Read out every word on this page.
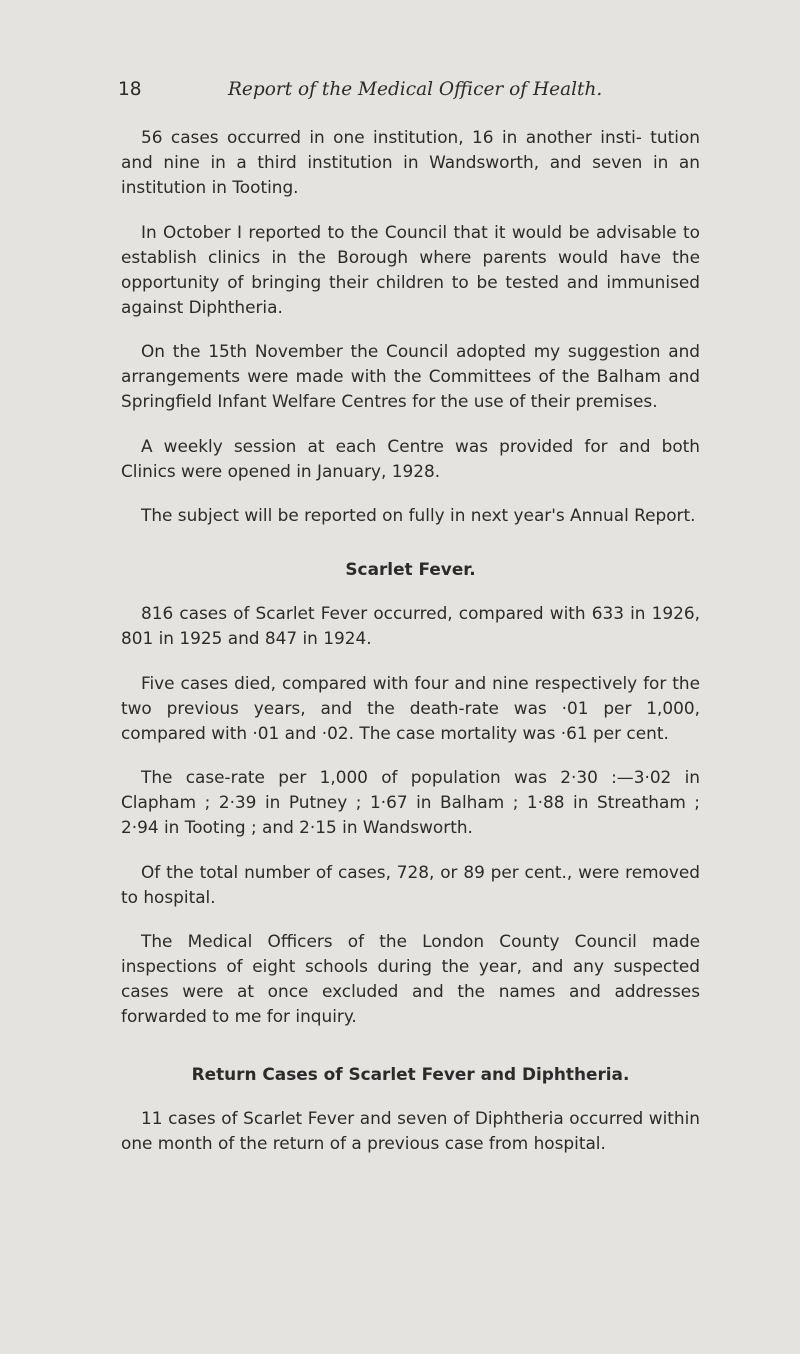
18	Report of the Medical Officer of Health.

56 cases occurred in one institution, 16 in another insti- tution and nine in a third institution in Wandsworth, and seven in an institution in Tooting.

In October I reported to the Council that it would be advisable to establish clinics in the Borough where parents would have the opportunity of bringing their children to be tested and immunised against Diphtheria.

On the 15th November the Council adopted my suggestion and arrangements were made with the Committees of the Balham and Springfield Infant Welfare Centres for the use of their premises.

A weekly session at each Centre was provided for and both Clinics were opened in January, 1928.

The subject will be reported on fully in next year's Annual Report.

Scarlet Fever.

816 cases of Scarlet Fever occurred, compared with 633 in 1926, 801 in 1925 and 847 in 1924.

Five cases died, compared with four and nine respectively for the two previous years, and the death-rate was ·01 per 1,000, compared with ·01 and ·02. The case mortality was ·61 per cent.

The case-rate per 1,000 of population was 2·30 :—3·02 in Clapham ; 2·39 in Putney ; 1·67 in Balham ; 1·88 in Streatham ; 2·94 in Tooting ; and 2·15 in Wandsworth.

Of the total number of cases, 728, or 89 per cent., were removed to hospital.

The Medical Officers of the London County Council made inspections of eight schools during the year, and any suspected cases were at once excluded and the names and addresses forwarded to me for inquiry.

Return Cases of Scarlet Fever and Diphtheria.

11 cases of Scarlet Fever and seven of Diphtheria occurred within one month of the return of a previous case from hospital.
